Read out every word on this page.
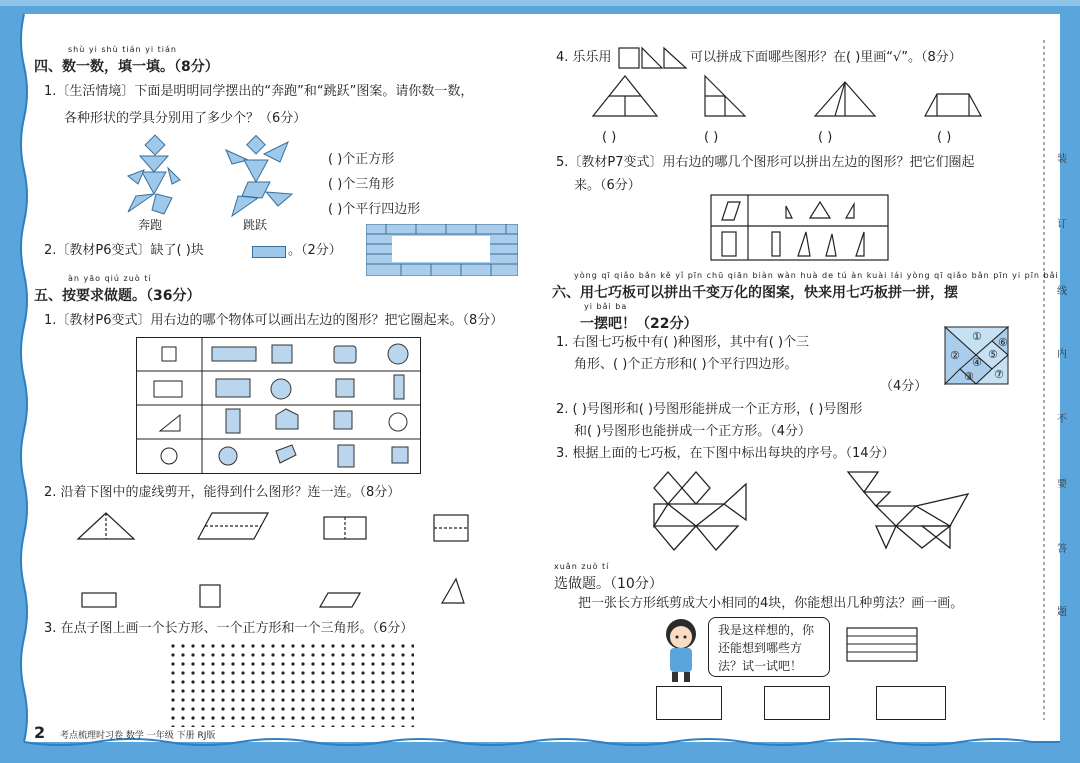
装
订
线
内
不
要
答
题
shù yi shù tián yi tián
四、数一数，填一填。（8分）
1.〔生活情境〕下面是明明同学摆出的“奔跑”和“跳跃”图案。请你数一数，
各种形状的学具分别用了多少个？（6分）
奔跑	跳跃
( )个正方形
( )个三角形
( )个平行四边形
2.〔教材P6变式〕缺了( )块	。（2分）
àn yāo qiú zuò tí
五、按要求做题。（36分）
1.〔教材P6变式〕用右边的哪个物体可以画出左边的图形？把它圈起来。（8分）
2. 沿着下图中的虚线剪开，能得到什么图形？连一连。（8分）
3. 在点子图上画一个长方形、一个正方形和一个三角形。（6分）
2 考点梳理时习卷 数学 一年级 下册 RJ版
4. 乐乐用	可以拼成下面哪些图形？在( )里画“√”。（8分）
( )	( )	( )	( )
5.〔教材P7变式〕用右边的哪几个图形可以拼出左边的图形？把它们圈起
来。（6分）
yòng qī qiǎo bǎn kě yǐ pīn chū qiān biàn wàn huà de tú àn kuài lái yòng qī qiǎo bǎn pīn yi pīn bǎi
六、用七巧板可以拼出千变万化的图案，快来用七巧板拼一拼，摆
yi bǎi ba
一摆吧！（22分）
1. 右图七巧板中有( )种图形，其中有( )个三
角形、( )个正方形和( )个平行四边形。
（4分）
①
②
③
④
⑤
⑥
⑦
2. ( )号图形和( )号图形能拼成一个正方形，( )号图形
和( )号图形也能拼成一个正方形。（4分）
3. 根据上面的七巧板，在下图中标出每块的序号。（14分）
xuǎn zuò tí
选做题。（10分）
把一张长方形纸剪成大小相同的4块，你能想出几种剪法？画一画。
我是这样想的，你
还能想到哪些方
法？试一试吧！
